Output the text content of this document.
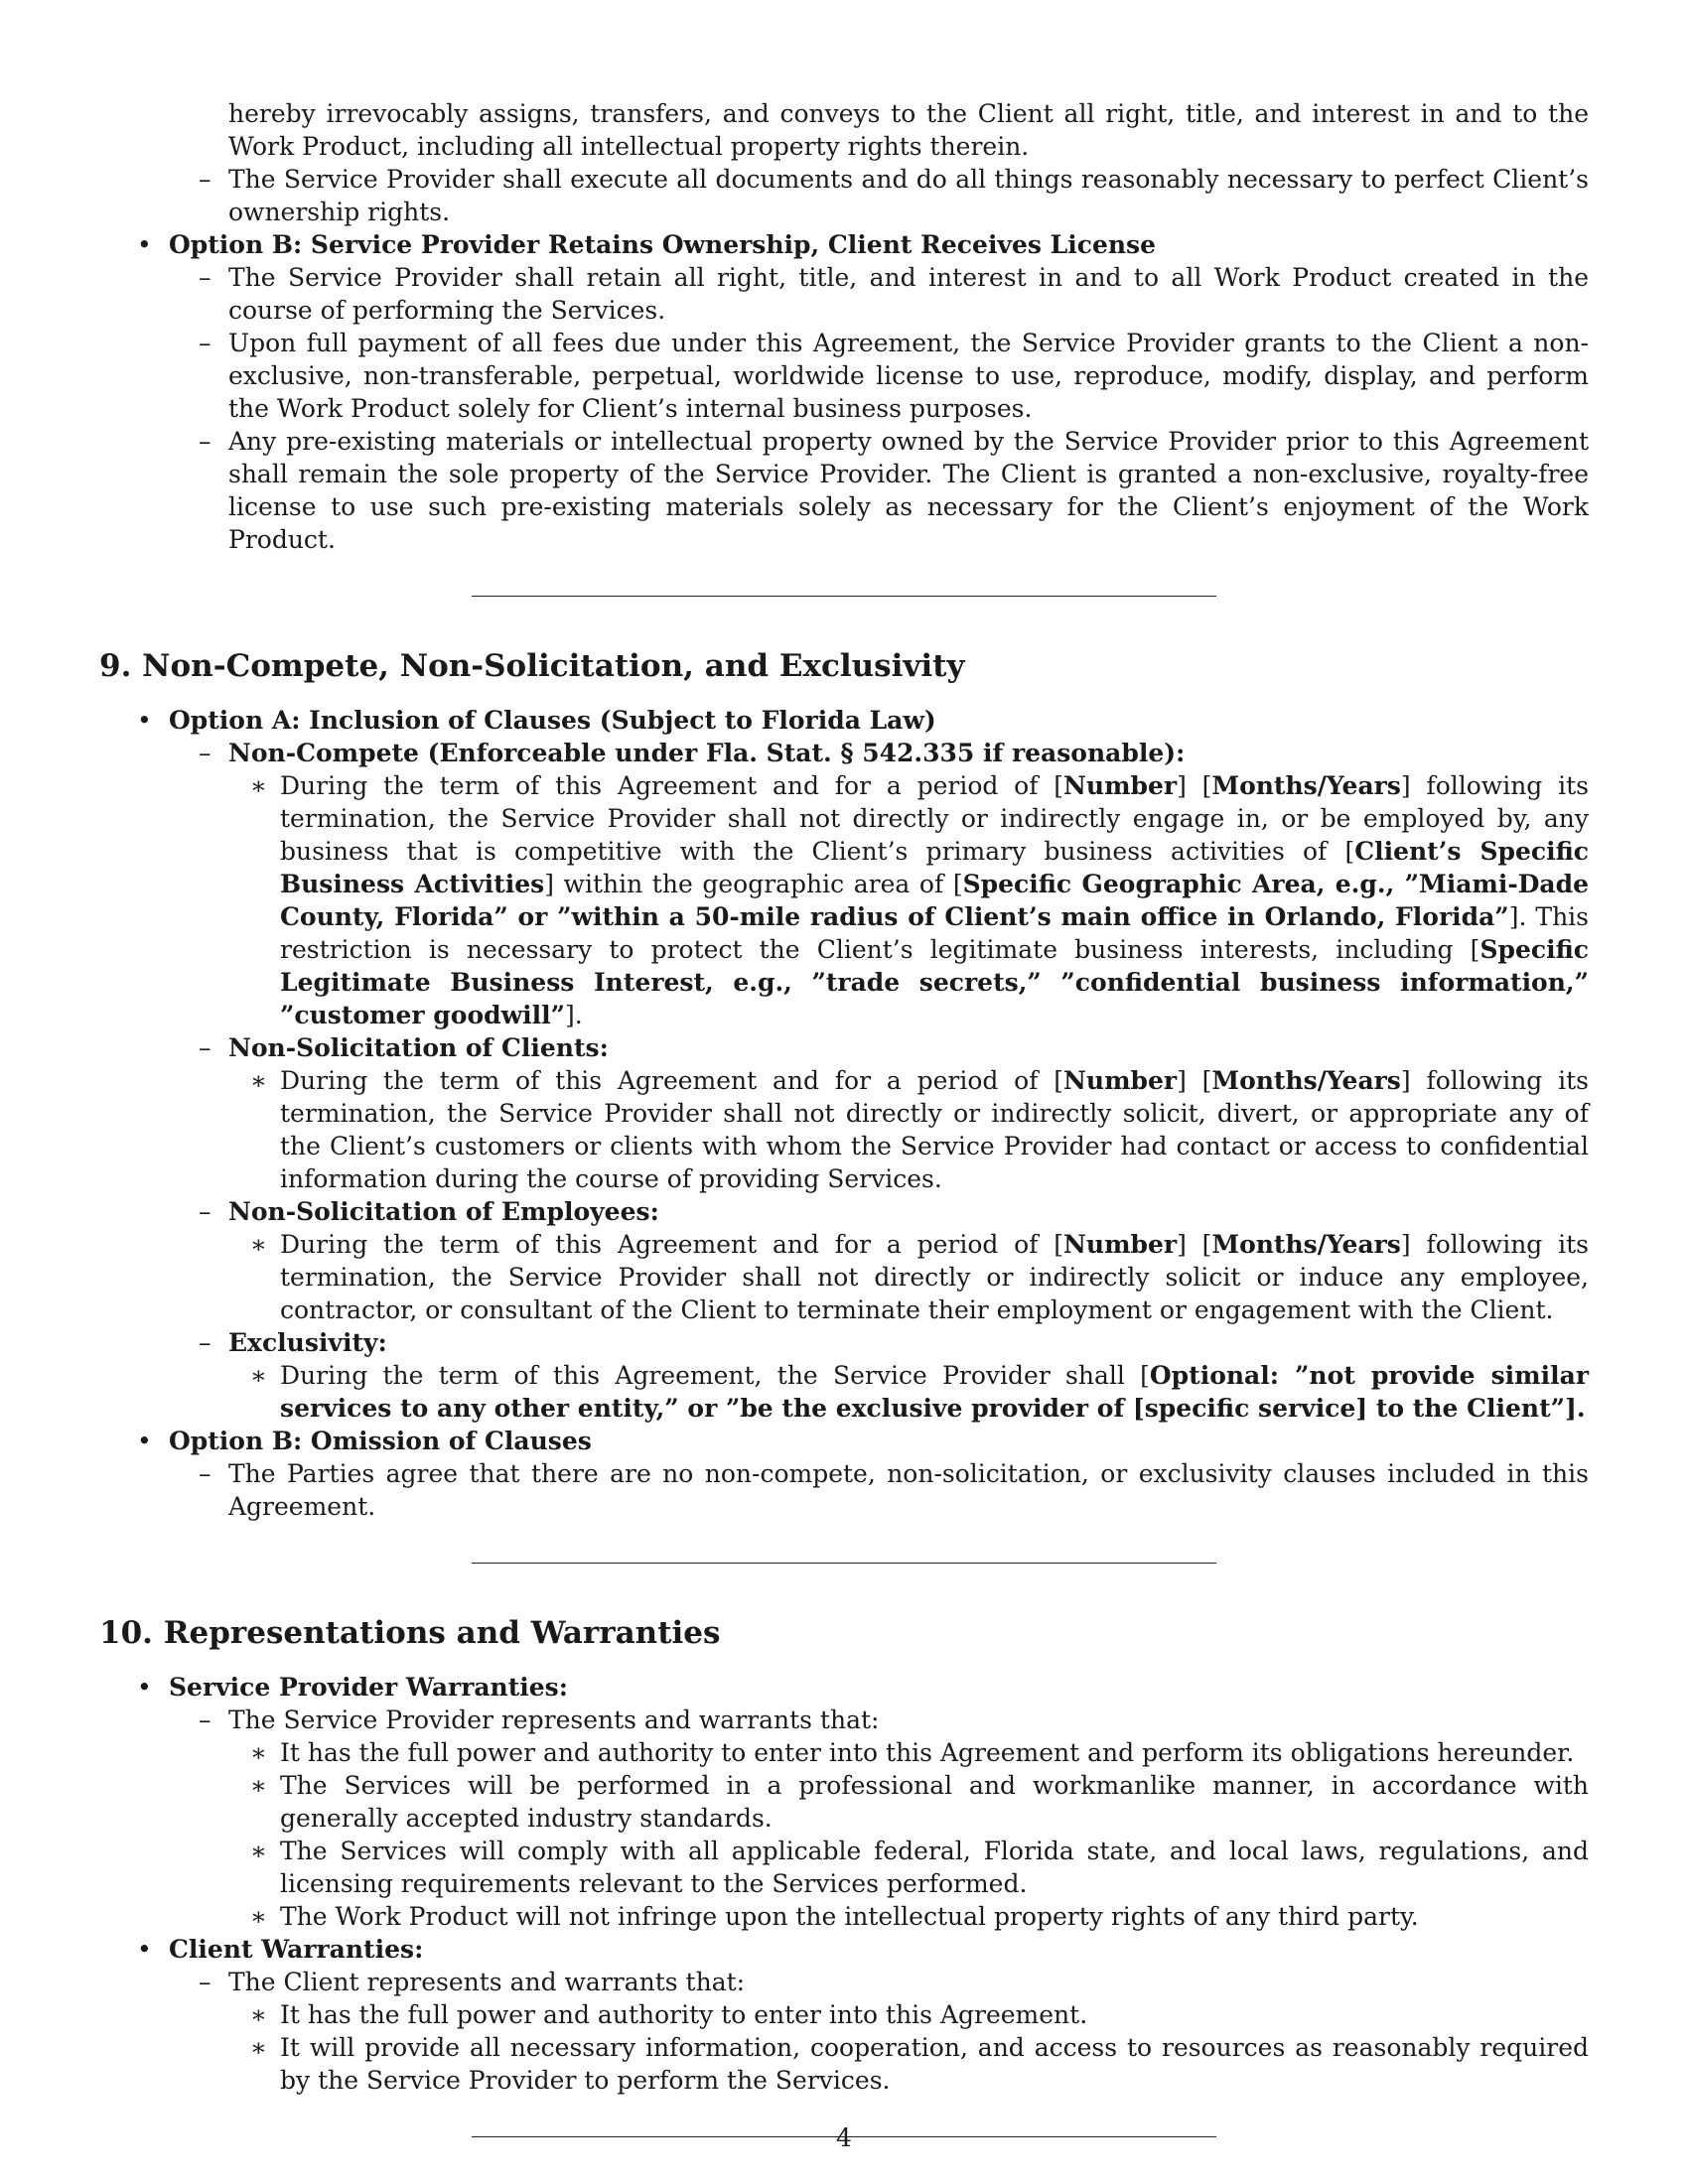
hereby irrevocably assigns, transfers, and conveys to the Client all right, title, and interest in and to the Work Product, including all intellectual property rights therein.
– The Service Provider shall execute all documents and do all things reasonably necessary to perfect Client’s ownership rights.
• Option B: Service Provider Retains Ownership, Client Receives License
– The Service Provider shall retain all right, title, and interest in and to all Work Product created in the course of performing the Services.
– Upon full payment of all fees due under this Agreement, the Service Provider grants to the Client a non-exclusive, non-transferable, perpetual, worldwide license to use, reproduce, modify, display, and perform the Work Product solely for Client’s internal business purposes.
– Any pre-existing materials or intellectual property owned by the Service Provider prior to this Agreement shall remain the sole property of the Service Provider. The Client is granted a non-exclusive, royalty-free license to use such pre-existing materials solely as necessary for the Client’s enjoyment of the Work Product.
9. Non-Compete, Non-Solicitation, and Exclusivity
• Option A: Inclusion of Clauses (Subject to Florida Law)
– Non-Compete (Enforceable under Fla. Stat. § 542.335 if reasonable):
∗ During the term of this Agreement and for a period of [Number] [Months/Years] following its termination, the Service Provider shall not directly or indirectly engage in, or be employed by, any business that is competitive with the Client’s primary business activities of [Client’s Specific Business Activities] within the geographic area of [Specific Geographic Area, e.g., ”Miami-Dade County, Florida” or ”within a 50-mile radius of Client’s main office in Orlando, Florida”]. This restriction is necessary to protect the Client’s legitimate business interests, including [Specific Legitimate Business Interest, e.g., ”trade secrets,” ”confidential business information,” ”customer goodwill”].
– Non-Solicitation of Clients:
∗ During the term of this Agreement and for a period of [Number] [Months/Years] following its termination, the Service Provider shall not directly or indirectly solicit, divert, or appropriate any of the Client’s customers or clients with whom the Service Provider had contact or access to confidential information during the course of providing Services.
– Non-Solicitation of Employees:
∗ During the term of this Agreement and for a period of [Number] [Months/Years] following its termination, the Service Provider shall not directly or indirectly solicit or induce any employee, contractor, or consultant of the Client to terminate their employment or engagement with the Client.
– Exclusivity:
∗ During the term of this Agreement, the Service Provider shall [Optional: ”not provide similar services to any other entity,” or ”be the exclusive provider of [specific service] to the Client”].
• Option B: Omission of Clauses
– The Parties agree that there are no non-compete, non-solicitation, or exclusivity clauses included in this Agreement.
10. Representations and Warranties
• Service Provider Warranties:
– The Service Provider represents and warrants that:
∗ It has the full power and authority to enter into this Agreement and perform its obligations hereunder.
∗ The Services will be performed in a professional and workmanlike manner, in accordance with generally accepted industry standards.
∗ The Services will comply with all applicable federal, Florida state, and local laws, regulations, and licensing requirements relevant to the Services performed.
∗ The Work Product will not infringe upon the intellectual property rights of any third party.
• Client Warranties:
– The Client represents and warrants that:
∗ It has the full power and authority to enter into this Agreement.
∗ It will provide all necessary information, cooperation, and access to resources as reasonably required by the Service Provider to perform the Services.
4
